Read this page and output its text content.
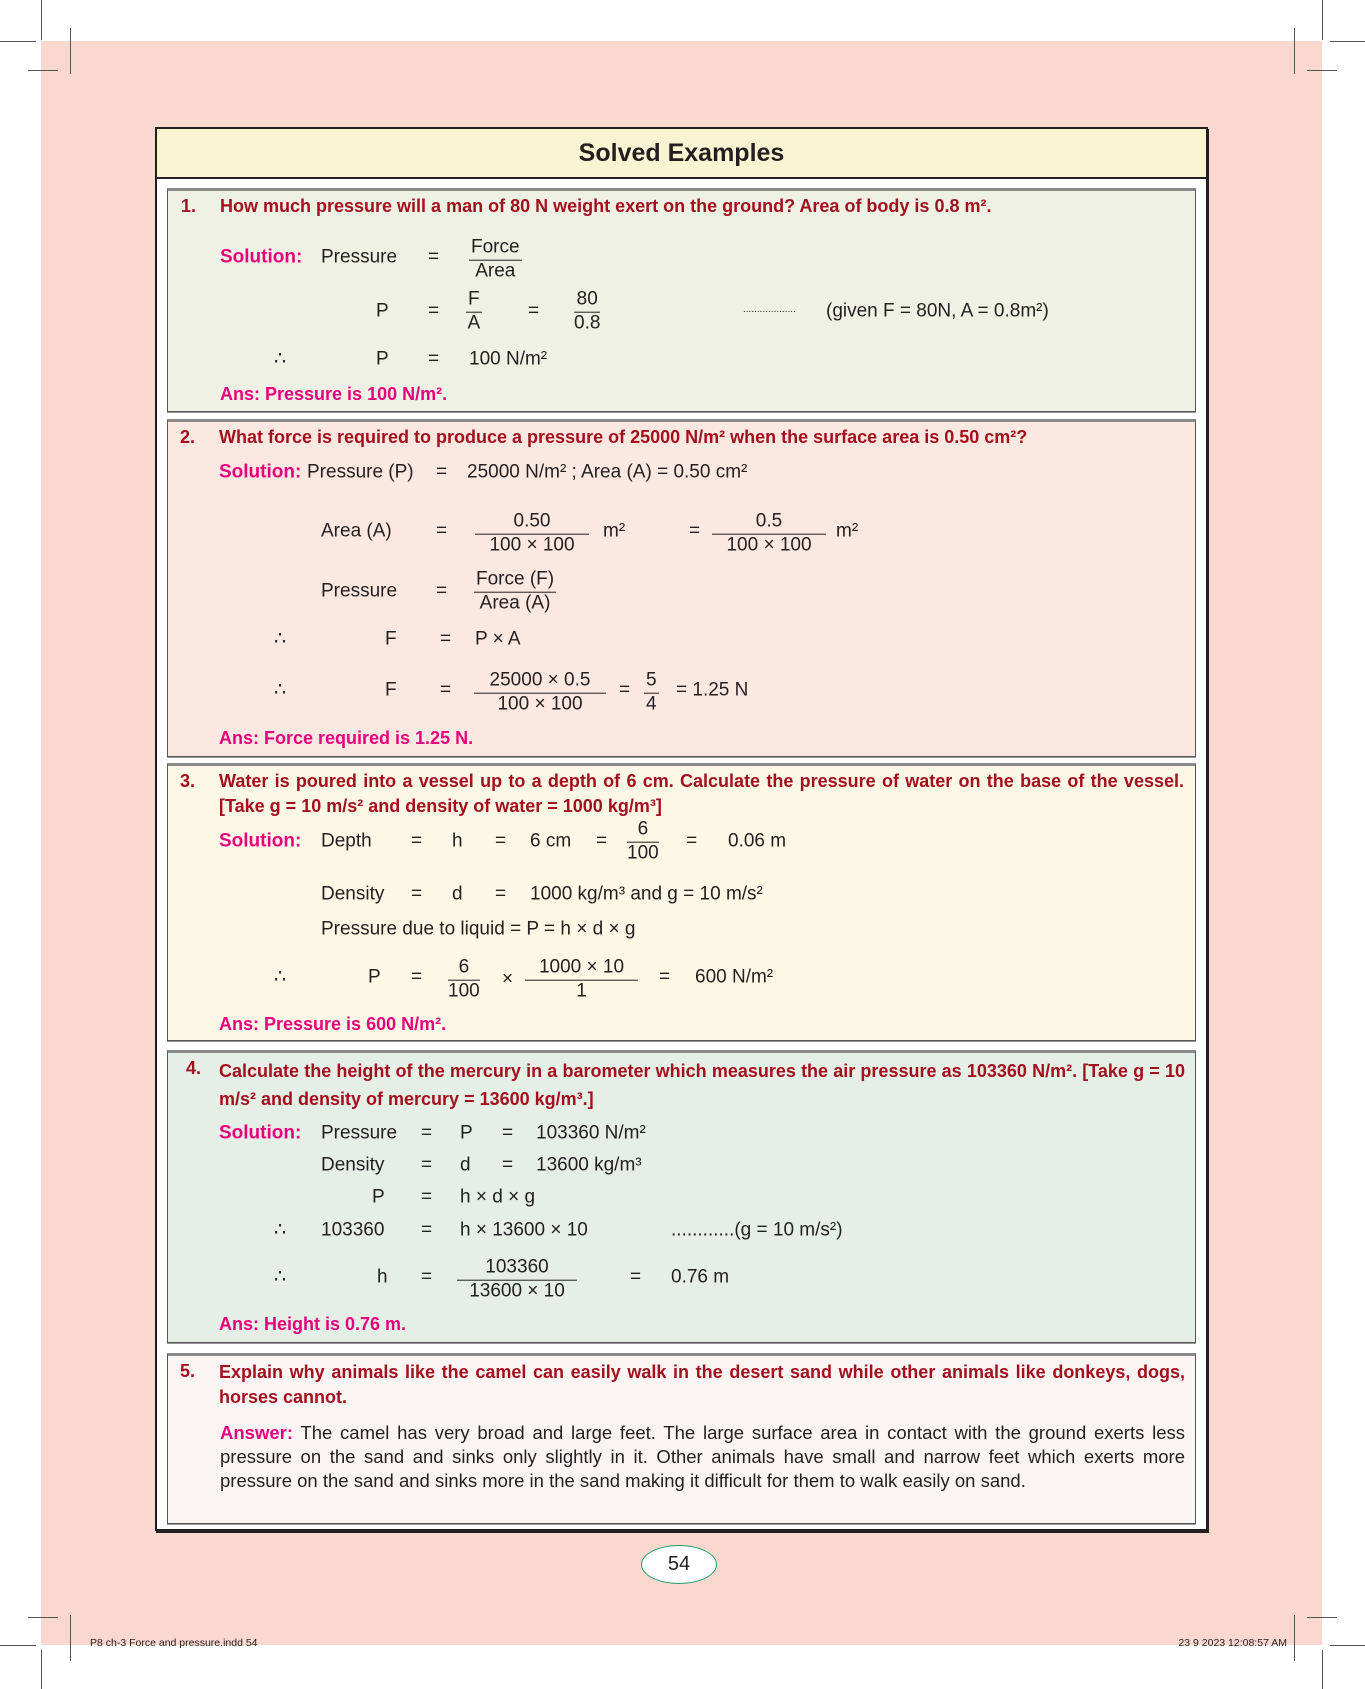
Solved Examples
1. How much pressure will a man of 80 N weight exert on the ground? Area of body is 0.8 m².
Solution: Pressure = Force
Area
$P = \frac{F}{A} = \frac{80}{0.8}$	................... (given F = 80N, A = 0.8m²)
∴	P = 100 N/m²
Ans: Pressure is 100 N/m².
2. What force is required to produce a pressure of 25000 N/m² when the surface area is 0.50 cm²?
Solution: Pressure (P) = 25000 N/m² ; Area (A) = 0.50 cm²
Area $(A) = \frac{0.50}{100 \times 100} m^2$	= $\frac{0.5}{100 \times 100} m^2$
Pressure =
Force (F)
Area (A)
∴	F = P × A
∴	$F = \frac{25000 \times 0.5}{100 \times 100} = \frac{5}{4} = 1.25$ N
Ans: Force required is 1.25 N.
3. Water is poured into a vessel up to a depth of 6 cm. Calculate the pressure of water on the base of the vessel. [Take g = 10 m/s² and density of water = 1000 kg/m³]
Solution: Depth = h = 6 cm = $\frac{6}{100} = 0.06$ m
Density = d = 1000 kg/m³ and g = 10 m/s²
Pressure due to liquid = P = h × d × g
∴	$P = \frac{6}{100} \times \frac{1000 \times 10}{1} = 600$ N/m²
Ans: Pressure is 600 N/m².
4. Calculate the height of the mercury in a barometer which measures the air pressure as 103360 N/m². [Take g = 10 m/s² and density of mercury = 13600 kg/m³.]
Solution: Pressure = P = 103360 N/m²
Density = d = 13600 kg/m³
P = h × d × g
∴ 103360 = h × 13600 × 10	............(g = 10 m/s²)
∴	$h = \frac{103360}{13600 \times 10}$	= 0.76 m
Ans: Height is 0.76 m.
5. Explain why animals like the camel can easily walk in the desert sand while other animals like donkeys, dogs, horses cannot.
Answer: The camel has very broad and large feet. The large surface area in contact with the ground exerts less pressure on the sand and sinks only slightly in it. Other animals have small and narrow feet which exerts more pressure on the sand and sinks more in the sand making it difficult for them to walk easily on sand.
54
P8 ch-3 Force and pressure.indd 54	23 9 2023 12:08:57 AM
